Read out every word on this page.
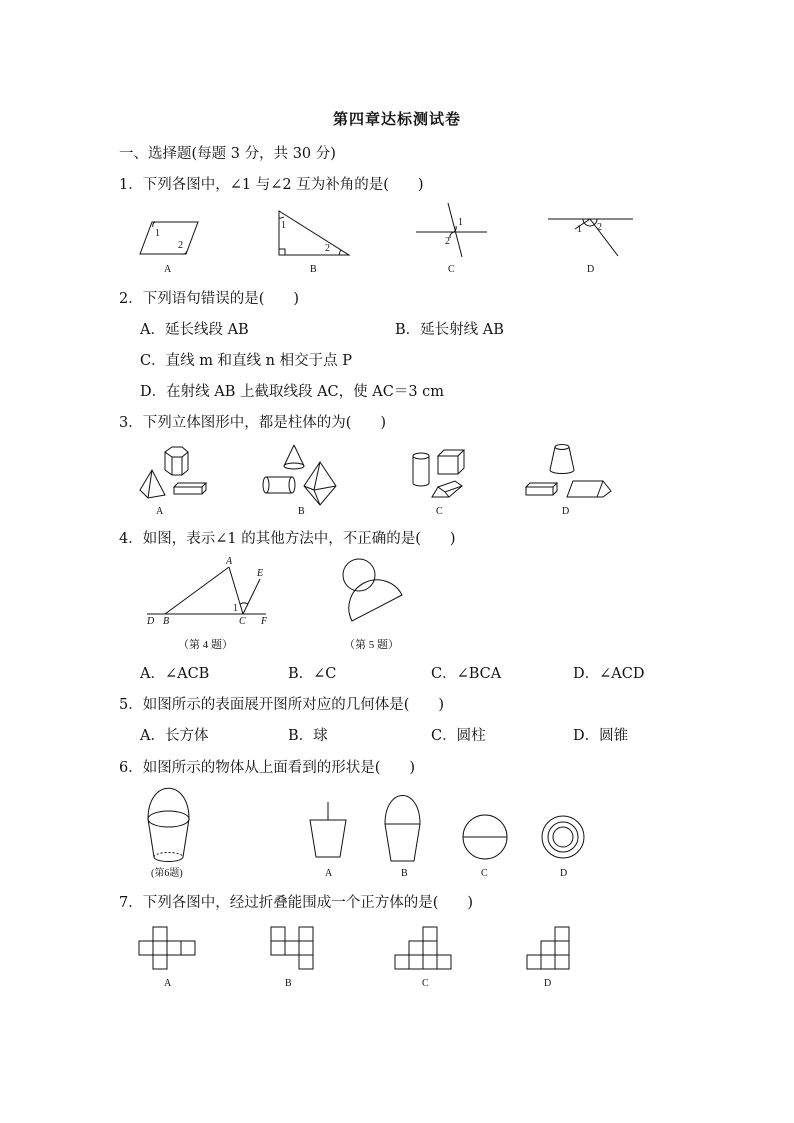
第四章达标测试卷
一、选择题(每题 3 分，共 30 分)
1．下列各图中，∠1 与∠2 互为补角的是(　　)
1
2
1
2
1
2
1 2
A	B	C	D
2．下列语句错误的是(　　)
A．延长线段 AB	B．延长射线 AB
C．直线 m 和直线 n 相交于点 P
D．在射线 AB 上截取线段 AC，使 AC＝3 cm
3．下列立体图形中，都是柱体的为(　　)
A	B	C	D
4．如图，表示∠1 的其他方法中，不正确的是(　　)
A
E
1
D B	C F
（第 4 题）	（第 5 题）
A．∠ACB	B．∠C	C．∠BCA	D．∠ACD
5．如图所示的表面展开图所对应的几何体是(　　)
A．长方体	B．球	C．圆柱	D．圆锥
6．如图所示的物体从上面看到的形状是(　　)
(第6题)	A	B	C	D
7．下列各图中，经过折叠能围成一个正方体的是(　　)
A	B	C	D
